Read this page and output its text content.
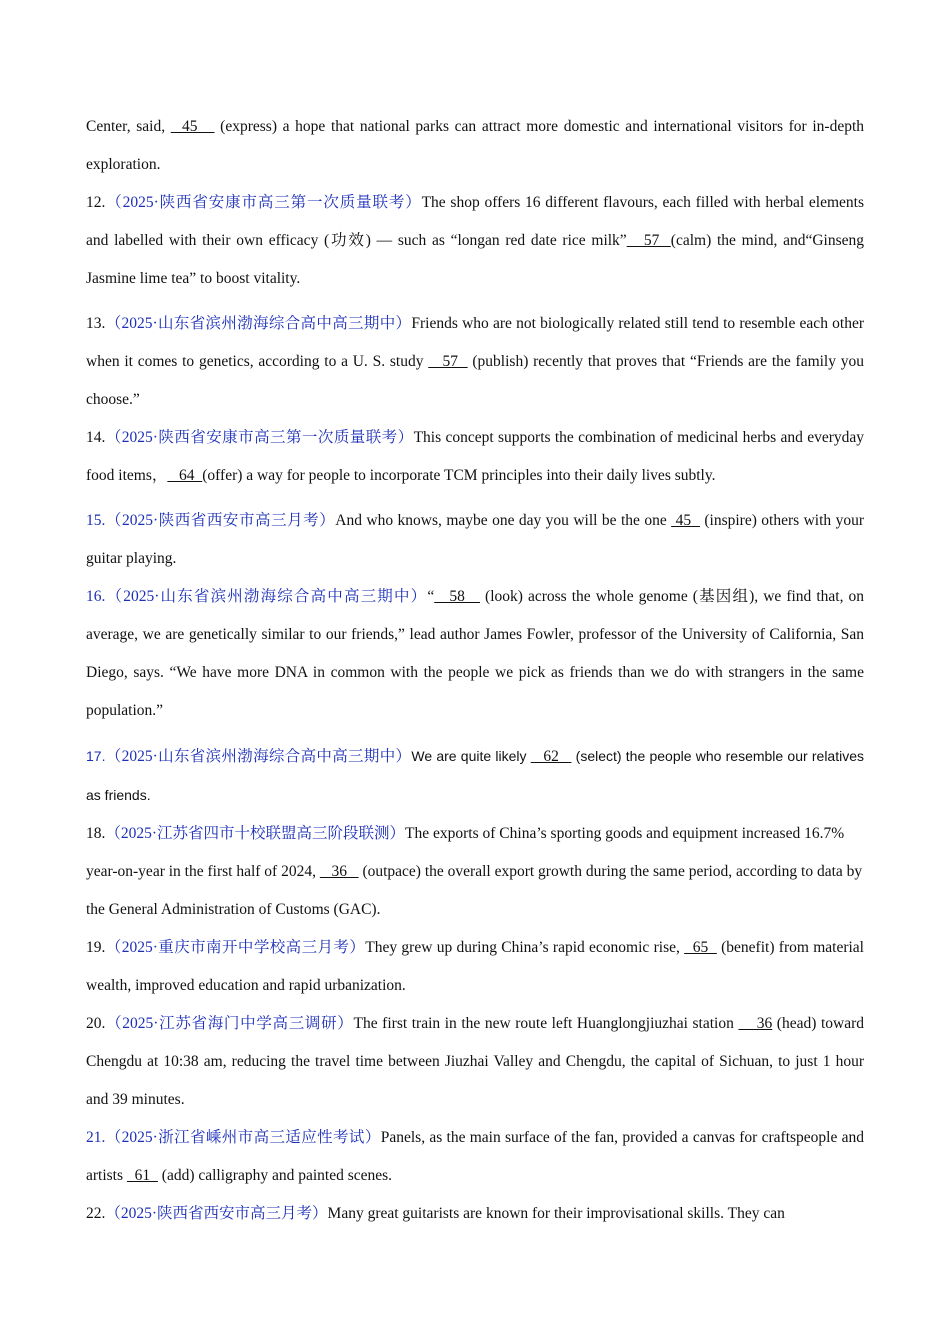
Center, said,   45    (express) a hope that national parks can attract more domestic and international visitors for in-depth exploration.

12.（2025·陕西省安康市高三第一次质量联考）The shop offers 16 different flavours, each filled with herbal elements and labelled with their own efficacy (功效) — such as “longan red date rice milk”   57  (calm) the mind, and“Ginseng Jasmine lime tea” to boost vitality.

13.（2025·山东省滨州渤海综合高中高三期中）Friends who are not biologically related still tend to resemble each other when it comes to genetics, according to a U. S. study    57   (publish) recently that proves that “Friends are the family you choose.”

14.（2025·陕西省安康市高三第一次质量联考）This concept supports the combination of medicinal herbs and everyday food items，   64  (offer) a way for people to incorporate TCM principles into their daily lives subtly.

15.（2025·陕西省西安市高三月考）And who knows, maybe one day you will be the one  45   (inspire) others with your guitar playing.

16.（2025·山东省滨州渤海综合高中高三期中）“   58    (look) across the whole genome (基因组), we find that, on average, we are genetically similar to our friends,” lead author James Fowler, professor of the University of California, San Diego, says. “We have more DNA in common with the people we pick as friends than we do with strangers in the same population.”

17.（2025·山东省滨州渤海综合高中高三期中）We are quite likely    62    (select) the people who resemble our relatives as friends.

18.（2025·江苏省四市十校联盟高三阶段联测）The exports of China’s sporting goods and equipment increased 16.7% year-on-year in the first half of 2024,    36    (outpace) the overall export growth during the same period, according to data by the General Administration of Customs (GAC).

19.（2025·重庆市南开中学校高三月考）They grew up during China’s rapid economic rise,   65   (benefit) from material wealth, improved education and rapid urbanization.

20.（2025·江苏省海门中学高三调研）The first train in the new route left Huanglongjiuzhai station     36 (head) toward Chengdu at 10:38 am, reducing the travel time between Jiuzhai Valley and Chengdu, the capital of Sichuan, to just 1 hour and 39 minutes.

21.（2025·浙江省嵊州市高三适应性考试）Panels, as the main surface of the fan, provided a canvas for craftspeople and artists   61   (add) calligraphy and painted scenes.

22.（2025·陕西省西安市高三月考）Many great guitarists are known for their improvisational skills. They can
